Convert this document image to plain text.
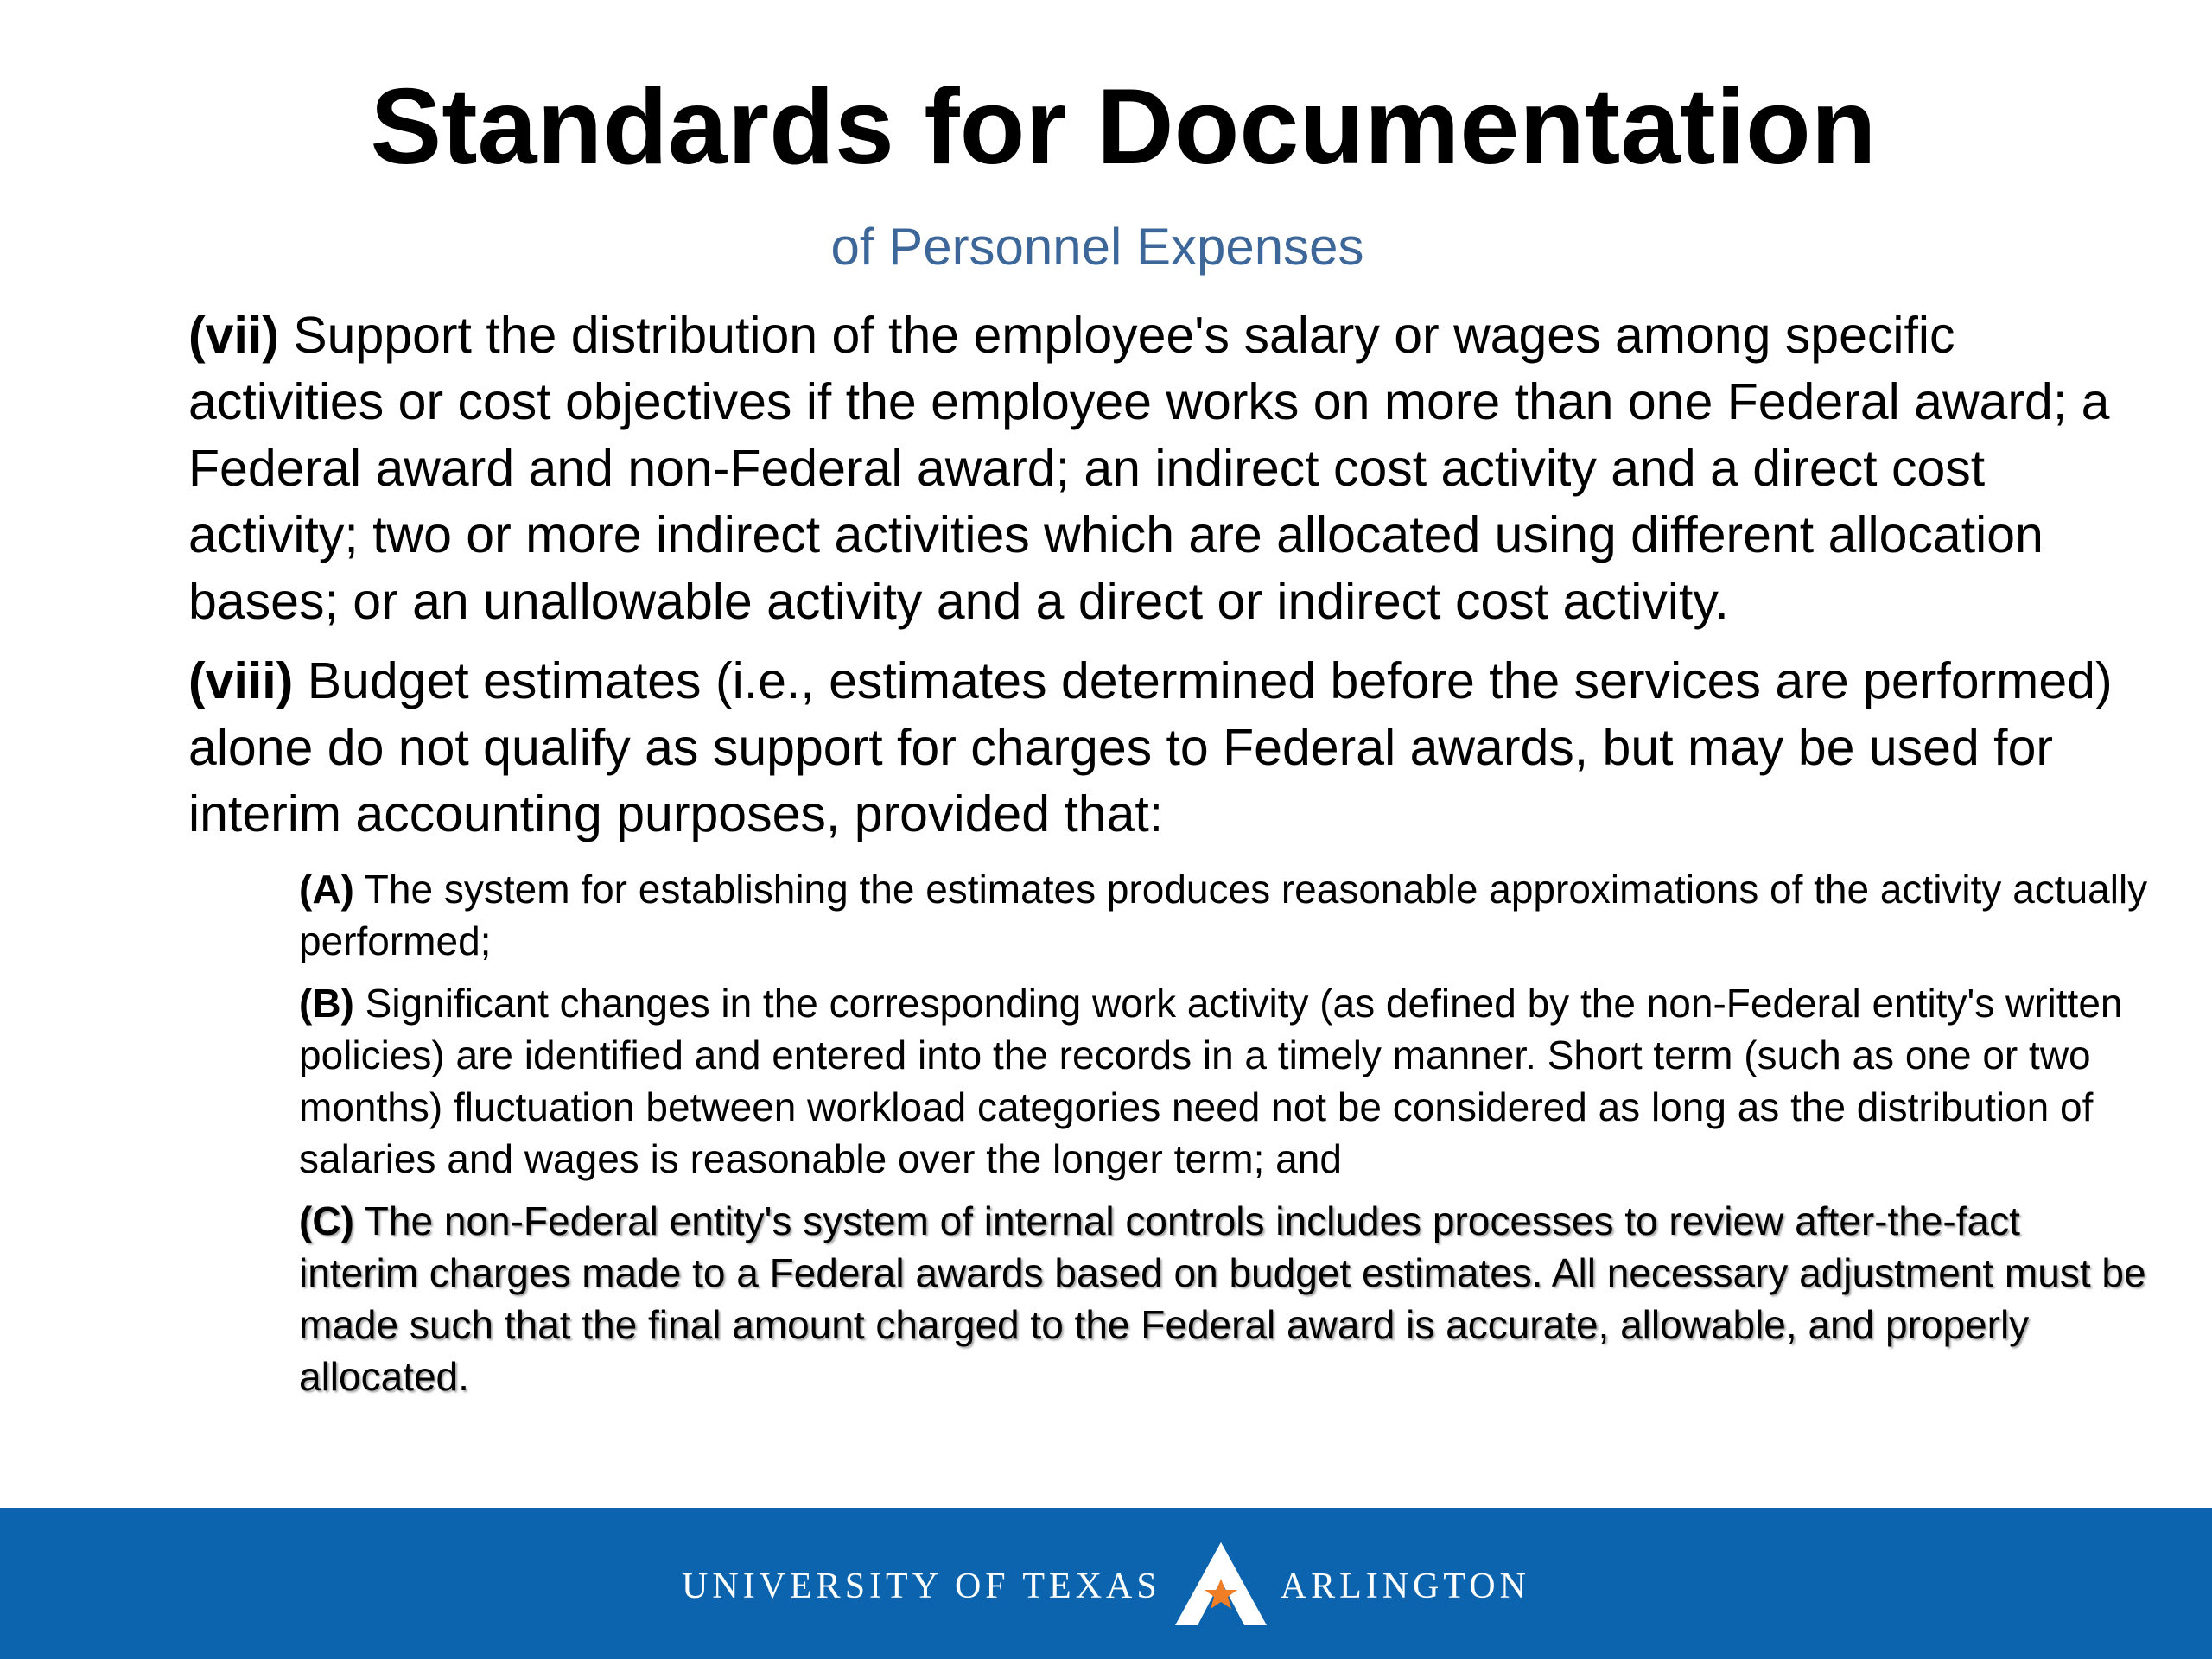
Standards for Documentation
of Personnel Expenses

(vii) Support the distribution of the employee's salary or wages among specific activities or cost objectives if the employee works on more than one Federal award; a Federal award and non-Federal award; an indirect cost activity and a direct cost activity; two or more indirect activities which are allocated using different allocation bases; or an unallowable activity and a direct or indirect cost activity.

(viii) Budget estimates (i.e., estimates determined before the services are performed) alone do not qualify as support for charges to Federal awards, but may be used for interim accounting purposes, provided that:

(A) The system for establishing the estimates produces reasonable approximations of the activity actually performed;

(B) Significant changes in the corresponding work activity (as defined by the non-Federal entity's written policies) are identified and entered into the records in a timely manner. Short term (such as one or two months) fluctuation between workload categories need not be considered as long as the distribution of salaries and wages is reasonable over the longer term; and

(C) The non-Federal entity's system of internal controls includes processes to review after-the-fact interim charges made to a Federal awards based on budget estimates. All necessary adjustment must be made such that the final amount charged to the Federal award is accurate, allowable, and properly allocated.

UNIVERSITY OF TEXAS	ARLINGTON
